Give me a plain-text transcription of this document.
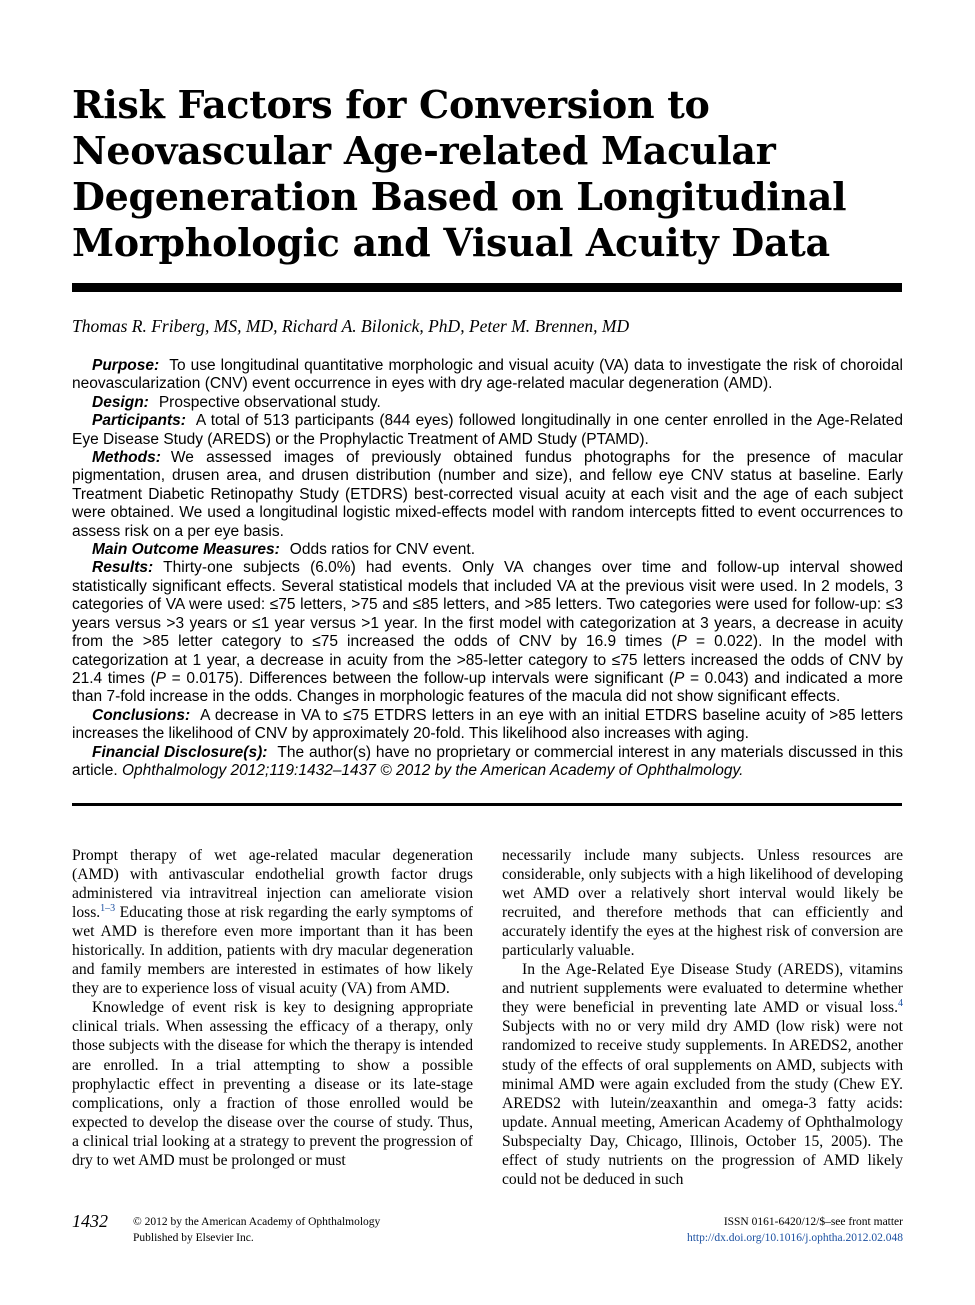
Risk Factors for Conversion to Neovascular Age-related Macular Degeneration Based on Longitudinal Morphologic and Visual Acuity Data
Thomas R. Friberg, MS, MD, Richard A. Bilonick, PhD, Peter M. Brennen, MD

Purpose: To use longitudinal quantitative morphologic and visual acuity (VA) data to investigate the risk of choroidal neovascularization (CNV) event occurrence in eyes with dry age-related macular degeneration (AMD).

Design: Prospective observational study.

Participants: A total of 513 participants (844 eyes) followed longitudinally in one center enrolled in the Age-Related Eye Disease Study (AREDS) or the Prophylactic Treatment of AMD Study (PTAMD).

Methods: We assessed images of previously obtained fundus photographs for the presence of macular pigmentation, drusen area, and drusen distribution (number and size), and fellow eye CNV status at baseline. Early Treatment Diabetic Retinopathy Study (ETDRS) best-corrected visual acuity at each visit and the age of each subject were obtained. We used a longitudinal logistic mixed-effects model with random intercepts fitted to event occurrences to assess risk on a per eye basis.

Main Outcome Measures: Odds ratios for CNV event.

Results: Thirty-one subjects (6.0%) had events. Only VA changes over time and follow-up interval showed statistically significant effects. Several statistical models that included VA at the previous visit were used. In 2 models, 3 categories of VA were used: ≤75 letters, >75 and ≤85 letters, and >85 letters. Two categories were used for follow-up: ≤3 years versus >3 years or ≤1 year versus >1 year. In the first model with categorization at 3 years, a decrease in acuity from the >85 letter category to ≤75 increased the odds of CNV by 16.9 times (P = 0.022). In the model with categorization at 1 year, a decrease in acuity from the >85-letter category to ≤75 letters increased the odds of CNV by 21.4 times (P = 0.0175). Differences between the follow-up intervals were significant (P = 0.043) and indicated a more than 7-fold increase in the odds. Changes in morphologic features of the macula did not show significant effects.

Conclusions: A decrease in VA to ≤75 ETDRS letters in an eye with an initial ETDRS baseline acuity of >85 letters increases the likelihood of CNV by approximately 20-fold. This likelihood also increases with aging.

Financial Disclosure(s): The author(s) have no proprietary or commercial interest in any materials discussed in this article. Ophthalmology 2012;119:1432–1437 © 2012 by the American Academy of Ophthalmology.

Prompt therapy of wet age-related macular degeneration (AMD) with antivascular endothelial growth factor drugs administered via intravitreal injection can ameliorate vision loss.$^{1-3}$ Educating those at risk regarding the early symptoms of wet AMD is therefore even more important than it has been historically. In addition, patients with dry macular degeneration and family members are interested in estimates of how likely they are to experience loss of visual acuity (VA) from AMD.

Knowledge of event risk is key to designing appropriate clinical trials. When assessing the efficacy of a therapy, only those subjects with the disease for which the therapy is intended are enrolled. In a trial attempting to show a possible prophylactic effect in preventing a disease or its late-stage complications, only a fraction of those enrolled would be expected to develop the disease over the course of study. Thus, a clinical trial looking at a strategy to prevent the progression of dry to wet AMD must be prolonged or must

necessarily include many subjects. Unless resources are considerable, only subjects with a high likelihood of developing wet AMD over a relatively short interval would likely be recruited, and therefore methods that can efficiently and accurately identify the eyes at the highest risk of conversion are particularly valuable.

In the Age-Related Eye Disease Study (AREDS), vitamins and nutrient supplements were evaluated to determine whether they were beneficial in preventing late AMD or visual loss.$^4$ Subjects with no or very mild dry AMD (low risk) were not randomized to receive study supplements. In AREDS2, another study of the effects of oral supplements on AMD, subjects with minimal AMD were again excluded from the study (Chew EY. AREDS2 with lutein/zeaxanthin and omega-3 fatty acids: update. Annual meeting, American Academy of Ophthalmology Subspecialty Day, Chicago, Illinois, October 15, 2005). The effect of study nutrients on the progression of AMD likely could not be deduced in such

1432 © 2012 by the American Academy of Ophthalmology
Published by Elsevier Inc.
ISSN 0161-6420/12/$–see front matter
http://dx.doi.org/10.1016/j.ophtha.2012.02.048
